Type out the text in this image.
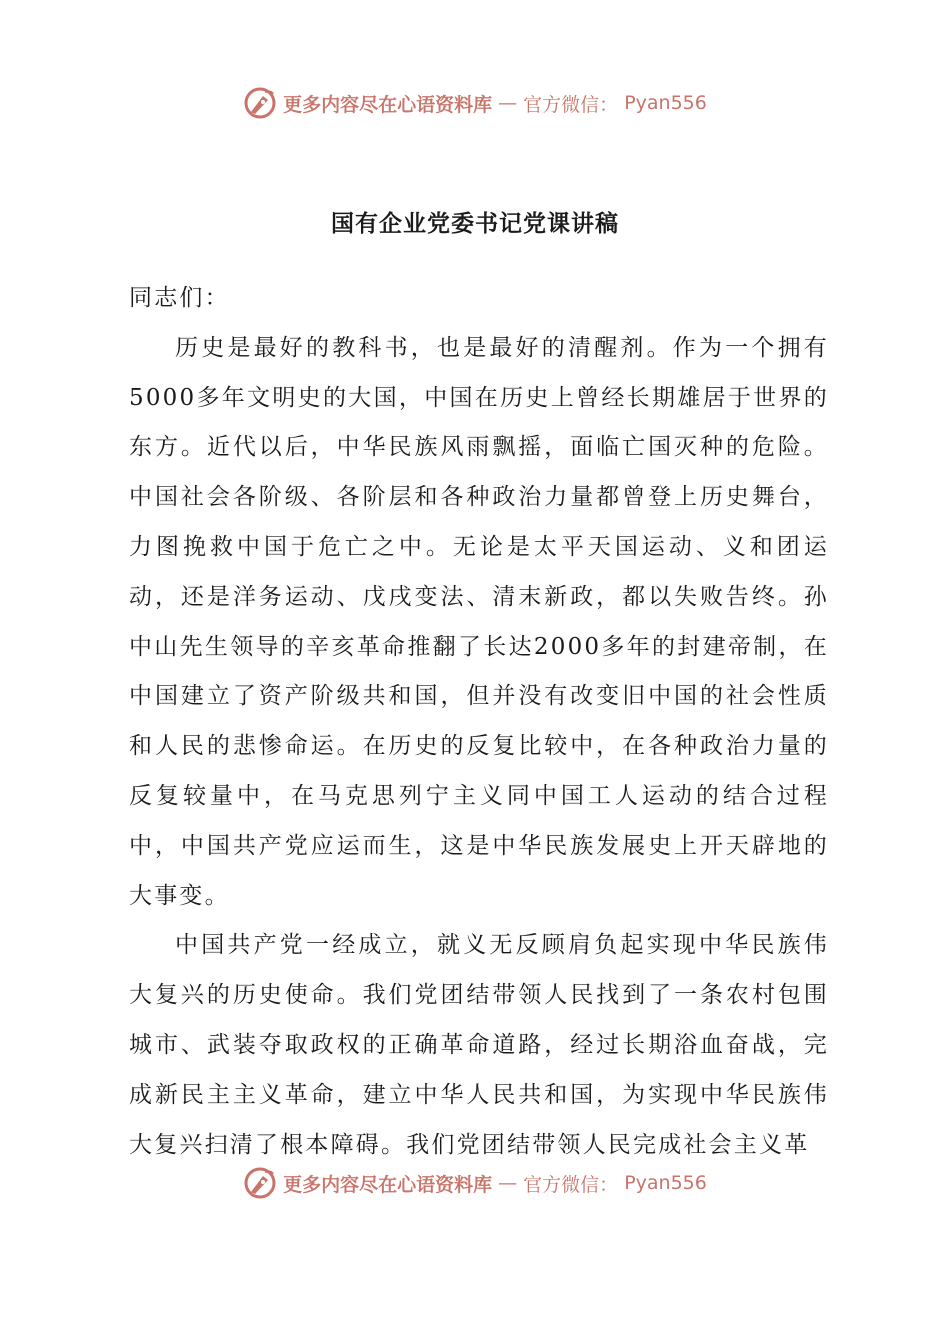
更多内容尽在心语资料库 — 官方微信： Pyan556
国有企业党委书记党课讲稿

同志们：

历史是最好的教科书，也是最好的清醒剂。作为一个拥有5000多年文明史的大国，中国在历史上曾经长期雄居于世界的东方。近代以后，中华民族风雨飘摇，面临亡国灭种的危险。中国社会各阶级、各阶层和各种政治力量都曾登上历史舞台，力图挽救中国于危亡之中。无论是太平天国运动、义和团运动，还是洋务运动、戊戌变法、清末新政，都以失败告终。孙中山先生领导的辛亥革命推翻了长达2000多年的封建帝制，在中国建立了资产阶级共和国，但并没有改变旧中国的社会性质和人民的悲惨命运。在历史的反复比较中，在各种政治力量的反复较量中，在马克思列宁主义同中国工人运动的结合过程中，中国共产党应运而生，这是中华民族发展史上开天辟地的大事变。

中国共产党一经成立，就义无反顾肩负起实现中华民族伟大复兴的历史使命。我们党团结带领人民找到了一条农村包围城市、武装夺取政权的正确革命道路，经过长期浴血奋战，完成新民主主义革命，建立中华人民共和国，为实现中华民族伟大复兴扫清了根本障碍。我们党团结带领人民完成社会主义革

更多内容尽在心语资料库 — 官方微信： Pyan556
